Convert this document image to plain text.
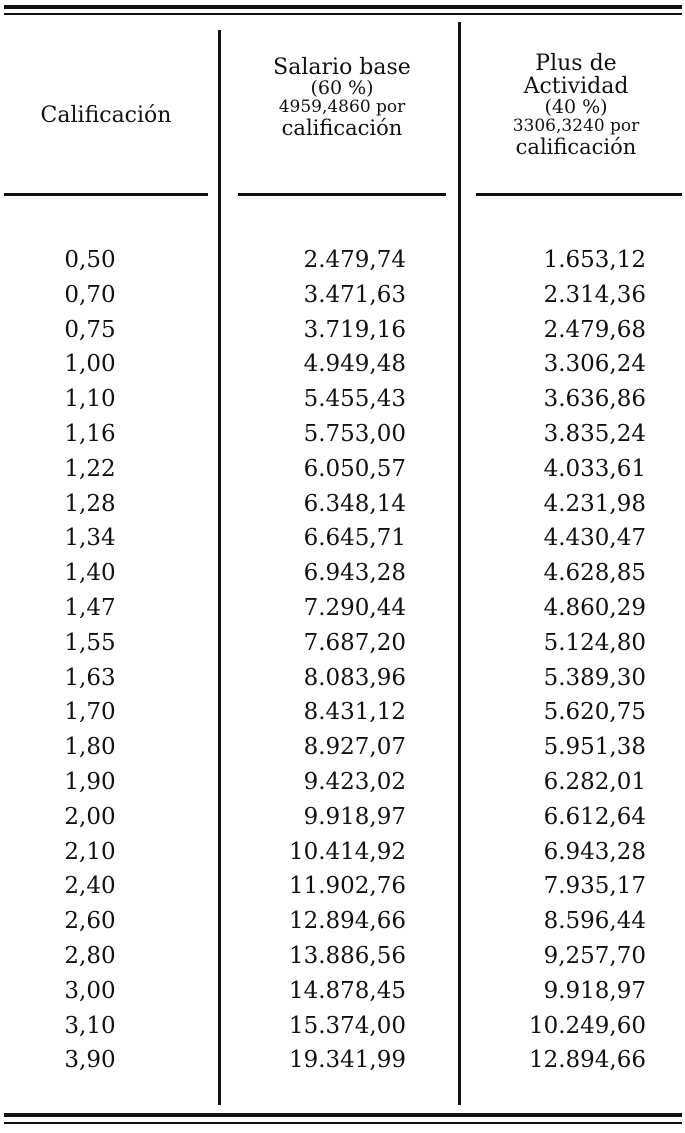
Calificación
Salario base
(60 %)
4959,4860 por
calificación
Plus de
Actividad
(40 %)
3306,3240 por
calificación
0,50
0,70
0,75
1,00
1,10
1,16
1,22
1,28
1,34
1,40
1,47
1,55
1,63
1,70
1,80
1,90
2,00
2,10
2,40
2,60
2,80
3,00
3,10
3,90
2.479,74
3.471,63
3.719,16
4.949,48
5.455,43
5.753,00
6.050,57
6.348,14
6.645,71
6.943,28
7.290,44
7.687,20
8.083,96
8.431,12
8.927,07
9.423,02
9.918,97
10.414,92
11.902,76
12.894,66
13.886,56
14.878,45
15.374,00
19.341,99
1.653,12
2.314,36
2.479,68
3.306,24
3.636,86
3.835,24
4.033,61
4.231,98
4.430,47
4.628,85
4.860,29
5.124,80
5.389,30
5.620,75
5.951,38
6.282,01
6.612,64
6.943,28
7.935,17
8.596,44
9,257,70
9.918,97
10.249,60
12.894,66
